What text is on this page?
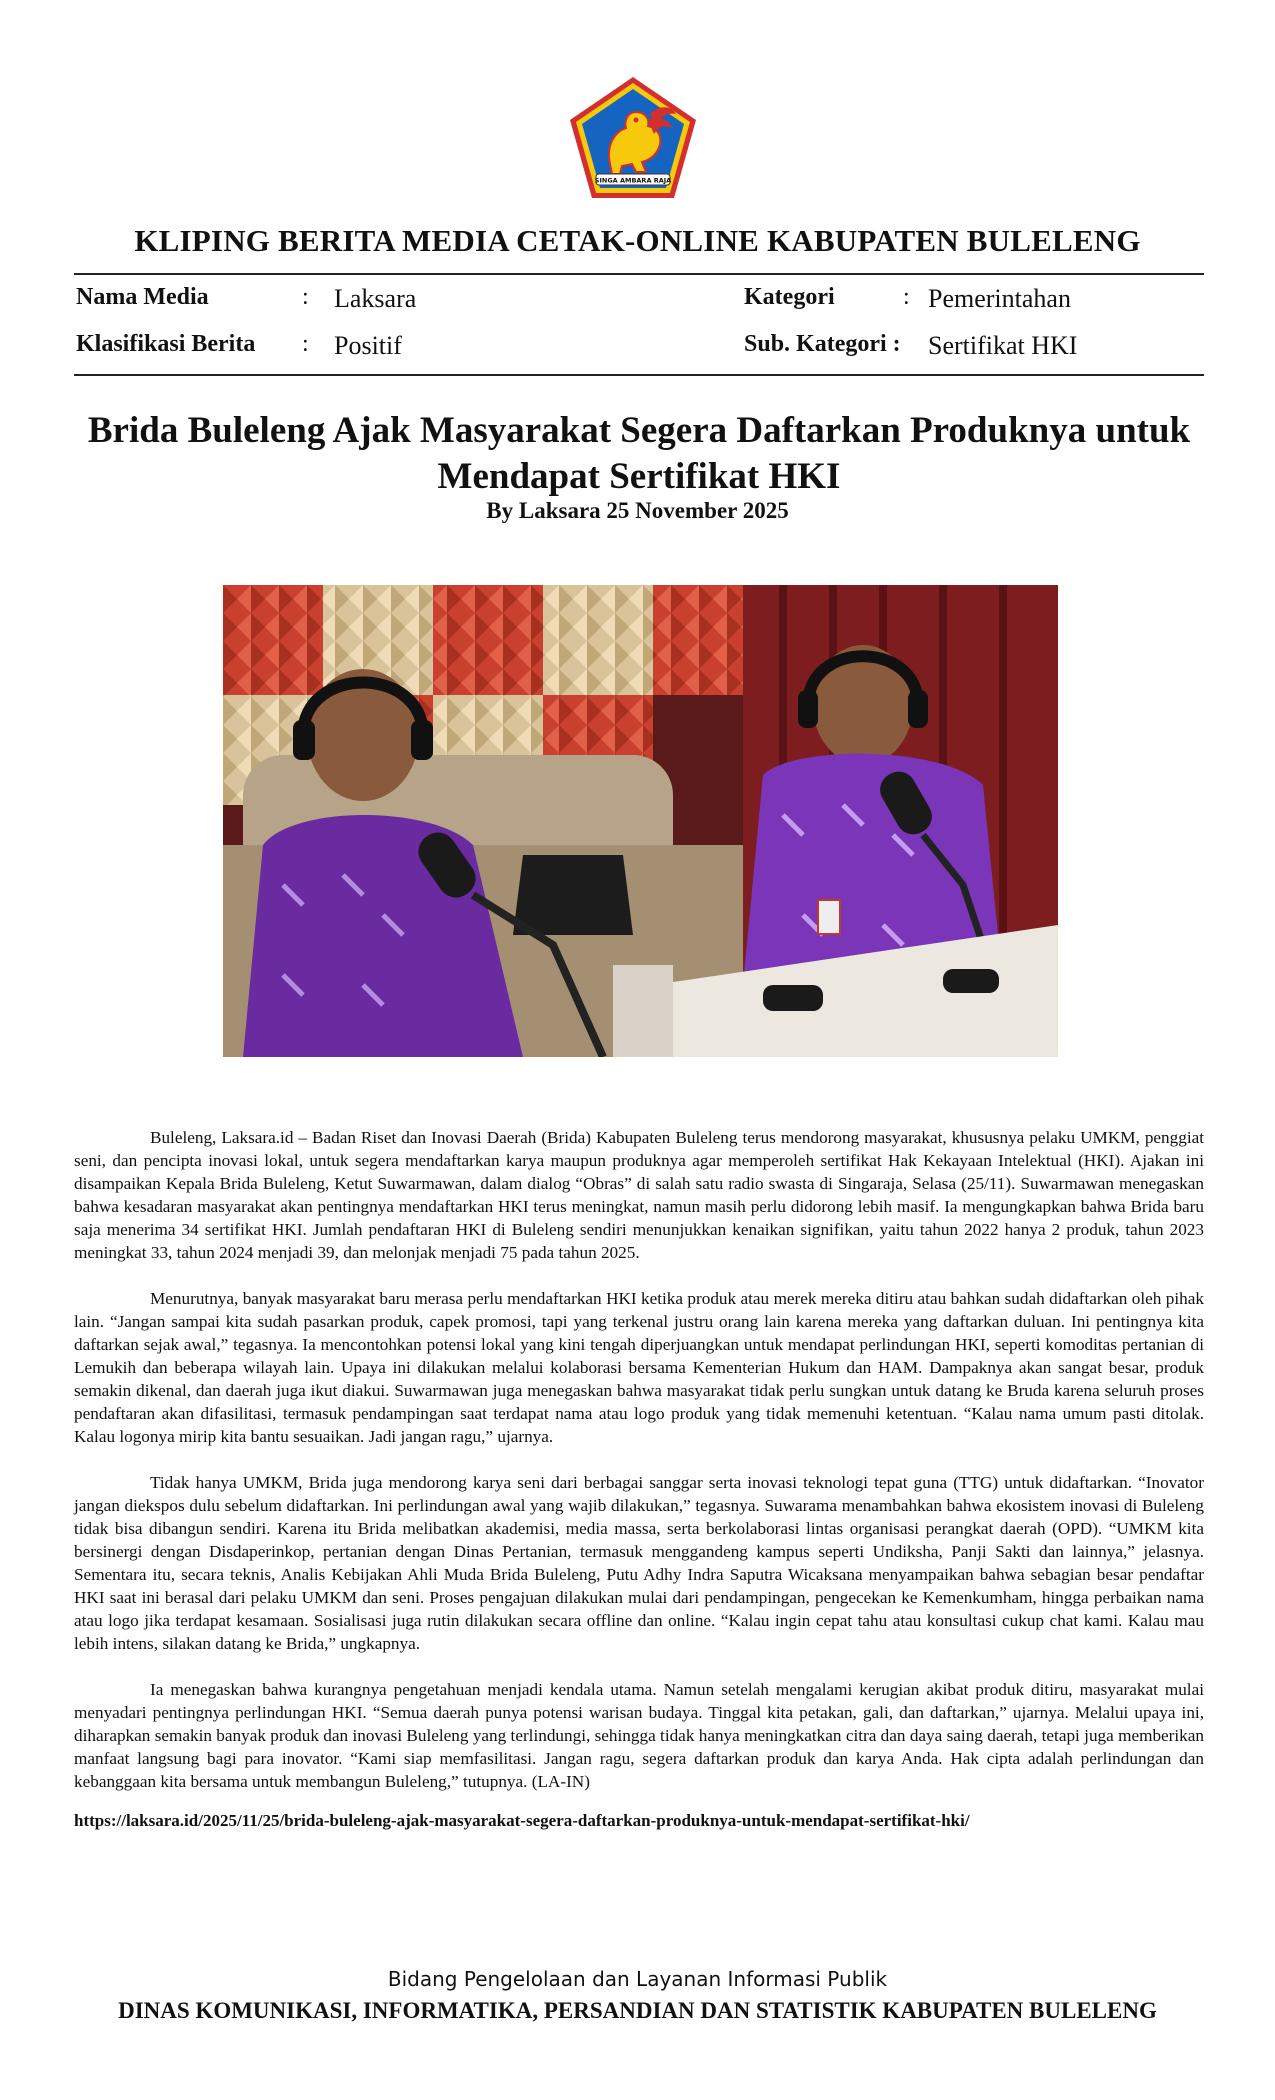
SINGA AMBARA RAJA
KLIPING BERITA MEDIA CETAK-ONLINE KABUPATEN BULELENG
Nama Media	: Laksara	Kategori	: Pemerintahan
Klasifikasi Berita : Positif	Sub. Kategori : Sertifikat HKI
Brida Buleleng Ajak Masyarakat Segera Daftarkan Produknya untuk
Mendapat Sertifikat HKI
By Laksara 25 November 2025

Buleleng, Laksara.id – Badan Riset dan Inovasi Daerah (Brida) Kabupaten Buleleng terus mendorong masyarakat, khususnya pelaku UMKM, penggiat seni, dan pencipta inovasi lokal, untuk segera mendaftarkan karya maupun produknya agar memperoleh sertifikat Hak Kekayaan Intelektual (HKI). Ajakan ini disampaikan Kepala Brida Buleleng, Ketut Suwarmawan, dalam dialog “Obras” di salah satu radio swasta di Singaraja, Selasa (25/11). Suwarmawan menegaskan bahwa kesadaran masyarakat akan pentingnya mendaftarkan HKI terus meningkat, namun masih perlu didorong lebih masif. Ia mengungkapkan bahwa Brida baru saja menerima 34 sertifikat HKI. Jumlah pendaftaran HKI di Buleleng sendiri menunjukkan kenaikan signifikan, yaitu tahun 2022 hanya 2 produk, tahun 2023 meningkat 33, tahun 2024 menjadi 39, dan melonjak menjadi 75 pada tahun 2025.

Menurutnya, banyak masyarakat baru merasa perlu mendaftarkan HKI ketika produk atau merek mereka ditiru atau bahkan sudah didaftarkan oleh pihak lain. “Jangan sampai kita sudah pasarkan produk, capek promosi, tapi yang terkenal justru orang lain karena mereka yang daftarkan duluan. Ini pentingnya kita daftarkan sejak awal,” tegasnya. Ia mencontohkan potensi lokal yang kini tengah diperjuangkan untuk mendapat perlindungan HKI, seperti komoditas pertanian di Lemukih dan beberapa wilayah lain. Upaya ini dilakukan melalui kolaborasi bersama Kementerian Hukum dan HAM. Dampaknya akan sangat besar, produk semakin dikenal, dan daerah juga ikut diakui. Suwarmawan juga menegaskan bahwa masyarakat tidak perlu sungkan untuk datang ke Bruda karena seluruh proses pendaftaran akan difasilitasi, termasuk pendampingan saat terdapat nama atau logo produk yang tidak memenuhi ketentuan. “Kalau nama umum pasti ditolak. Kalau logonya mirip kita bantu sesuaikan. Jadi jangan ragu,” ujarnya.

Tidak hanya UMKM, Brida juga mendorong karya seni dari berbagai sanggar serta inovasi teknologi tepat guna (TTG) untuk didaftarkan. “Inovator jangan diekspos dulu sebelum didaftarkan. Ini perlindungan awal yang wajib dilakukan,” tegasnya. Suwarama menambahkan bahwa ekosistem inovasi di Buleleng tidak bisa dibangun sendiri. Karena itu Brida melibatkan akademisi, media massa, serta berkolaborasi lintas organisasi perangkat daerah (OPD). “UMKM kita bersinergi dengan Disdaperinkop, pertanian dengan Dinas Pertanian, termasuk menggandeng kampus seperti Undiksha, Panji Sakti dan lainnya,” jelasnya. Sementara itu, secara teknis, Analis Kebijakan Ahli Muda Brida Buleleng, Putu Adhy Indra Saputra Wicaksana menyampaikan bahwa sebagian besar pendaftar HKI saat ini berasal dari pelaku UMKM dan seni. Proses pengajuan dilakukan mulai dari pendampingan, pengecekan ke Kemenkumham, hingga perbaikan nama atau logo jika terdapat kesamaan. Sosialisasi juga rutin dilakukan secara offline dan online. “Kalau ingin cepat tahu atau konsultasi cukup chat kami. Kalau mau lebih intens, silakan datang ke Brida,” ungkapnya.

Ia menegaskan bahwa kurangnya pengetahuan menjadi kendala utama. Namun setelah mengalami kerugian akibat produk ditiru, masyarakat mulai menyadari pentingnya perlindungan HKI. “Semua daerah punya potensi warisan budaya. Tinggal kita petakan, gali, dan daftarkan,” ujarnya. Melalui upaya ini, diharapkan semakin banyak produk dan inovasi Buleleng yang terlindungi, sehingga tidak hanya meningkatkan citra dan daya saing daerah, tetapi juga memberikan manfaat langsung bagi para inovator. “Kami siap memfasilitasi. Jangan ragu, segera daftarkan produk dan karya Anda. Hak cipta adalah perlindungan dan kebanggaan kita bersama untuk membangun Buleleng,” tutupnya. (LA-IN)

https://laksara.id/2025/11/25/brida-buleleng-ajak-masyarakat-segera-daftarkan-produknya-untuk-mendapat-sertifikat-hki/
Bidang Pengelolaan dan Layanan Informasi Publik
DINAS KOMUNIKASI, INFORMATIKA, PERSANDIAN DAN STATISTIK KABUPATEN BULELENG
